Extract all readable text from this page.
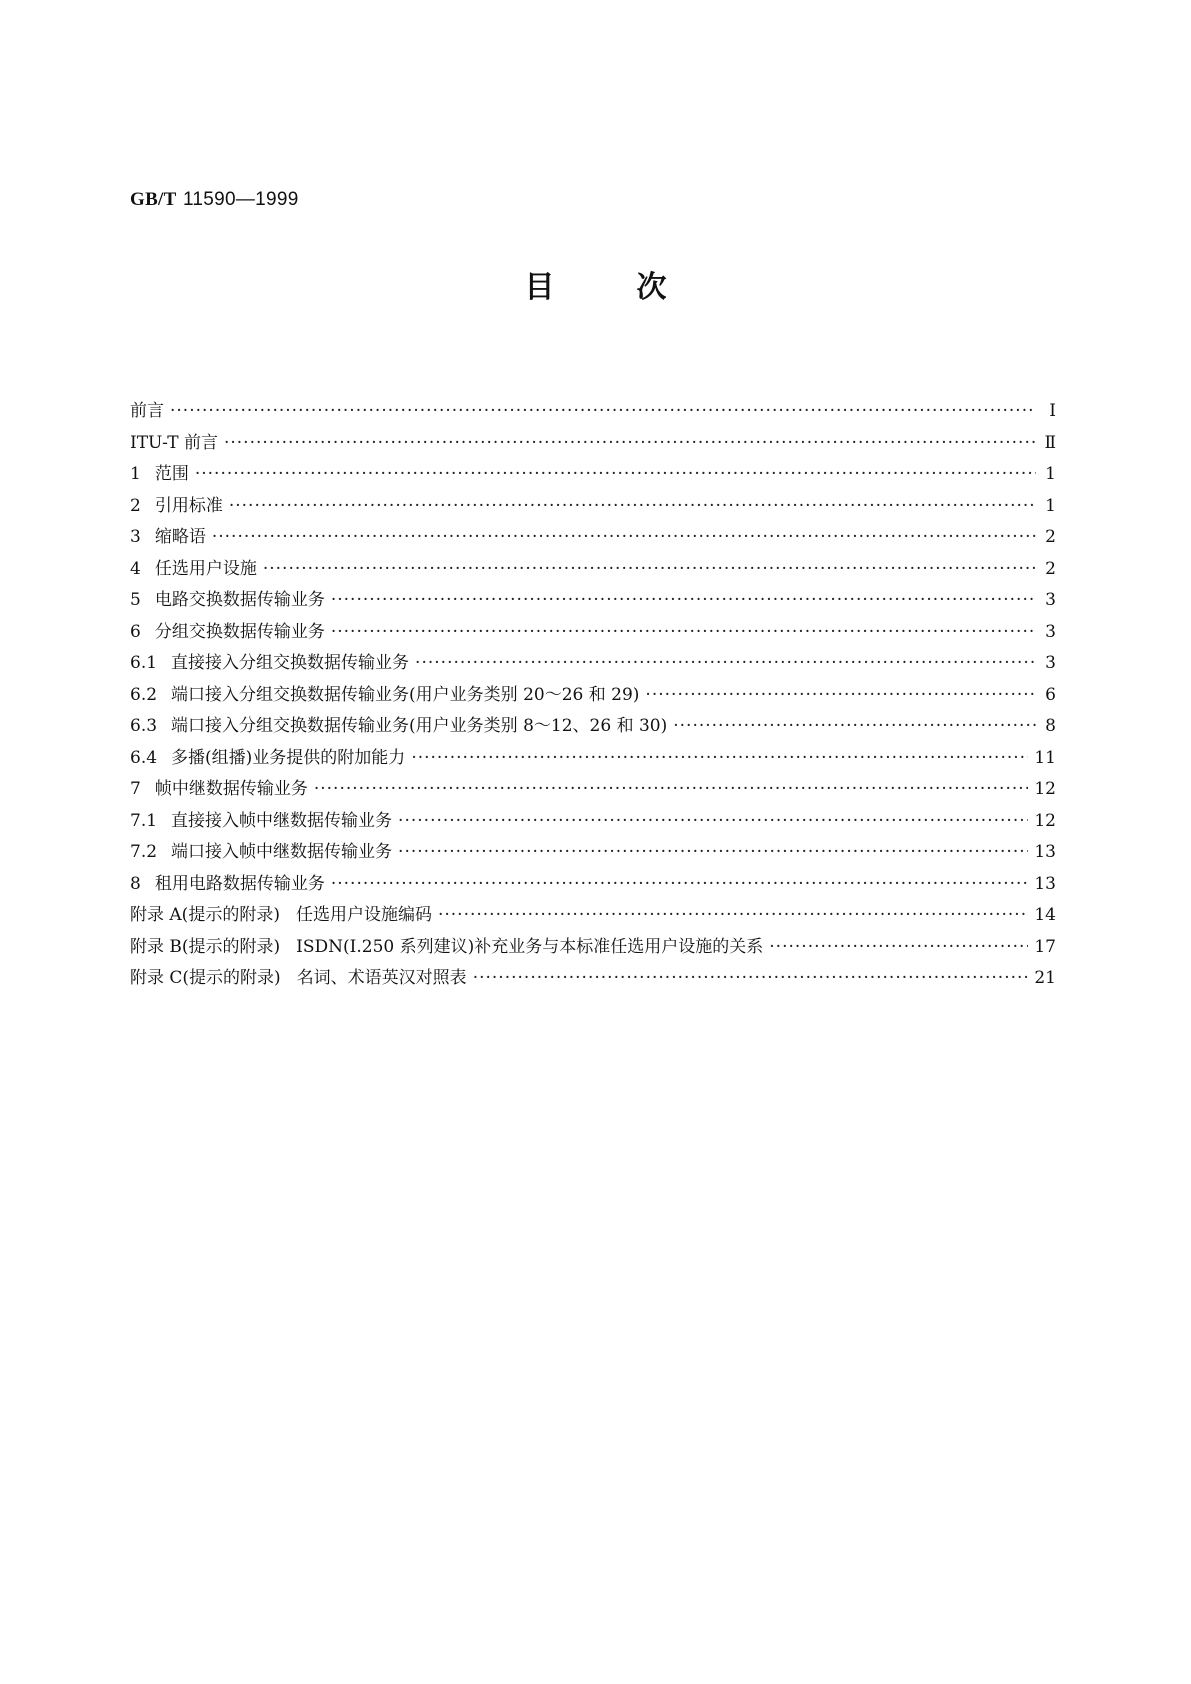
GB/T 11590—1999
目次
前言 ·····	Ⅰ
ITU-T 前言 ·····	Ⅱ
1 范围 ·····	1
2 引用标准 ·····	1
3 缩略语 ·····	2
4 任选用户设施 ·····	2
5 电路交换数据传输业务 ·····	3
6 分组交换数据传输业务 ·····	3
6.1 直接接入分组交换数据传输业务 ·····	3
6.2 端口接入分组交换数据传输业务(用户业务类别 20～26 和 29) ·····	6
6.3 端口接入分组交换数据传输业务(用户业务类别 8～12、26 和 30) ·····	8
6.4 多播(组播)业务提供的附加能力 ·····	11
7 帧中继数据传输业务 ·····	12
7.1 直接接入帧中继数据传输业务 ·····	12
7.2 端口接入帧中继数据传输业务 ·····	13
8 租用电路数据传输业务 ·····	13
附录 A(提示的附录) 任选用户设施编码 ·····	14
附录 B(提示的附录) ISDN(Ⅰ.250 系列建议)补充业务与本标准任选用户设施的关系 ·····	17
附录 C(提示的附录) 名词、术语英汉对照表 ·····	21
